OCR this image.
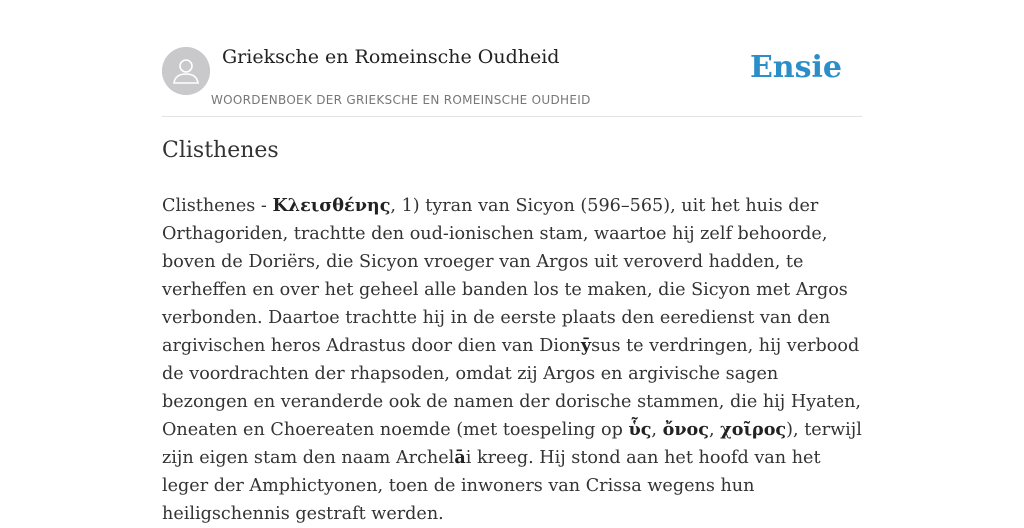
Grieksche en Romeinsche Oudheid
WOORDENBOEK DER GRIEKSCHE EN ROMEINSCHE OUDHEID
Ensie
Clisthenes

Clisthenes - Κλεισθένης, 1) tyran van Sicyon (596–565), uit het huis der Orthagoriden, trachtte den oud-ionischen stam, waartoe hij zelf behoorde, boven de Doriërs, die Sicyon vroeger van Argos uit veroverd hadden, te verheffen en over het geheel alle banden los te maken, die Sicyon met Argos verbonden. Daartoe trachtte hij in de eerste plaats den eeredienst van den argivischen heros Adrastus door dien van Dionȳsus te verdringen, hij verbood de voordrachten der rhapsoden, omdat zij Argos en argivische sagen bezongen en veranderde ook de namen der dorische stammen, die hij Hyaten, Oneaten en Choereaten noemde (met toespeling op ὗς, ὄνος, χοῖρος), terwijl zijn eigen stam den naam Archelāi kreeg. Hij stond aan het hoofd van het leger der Amphictyonen, toen de inwoners van Crissa wegens hun heiligschennis gestraft werden.
